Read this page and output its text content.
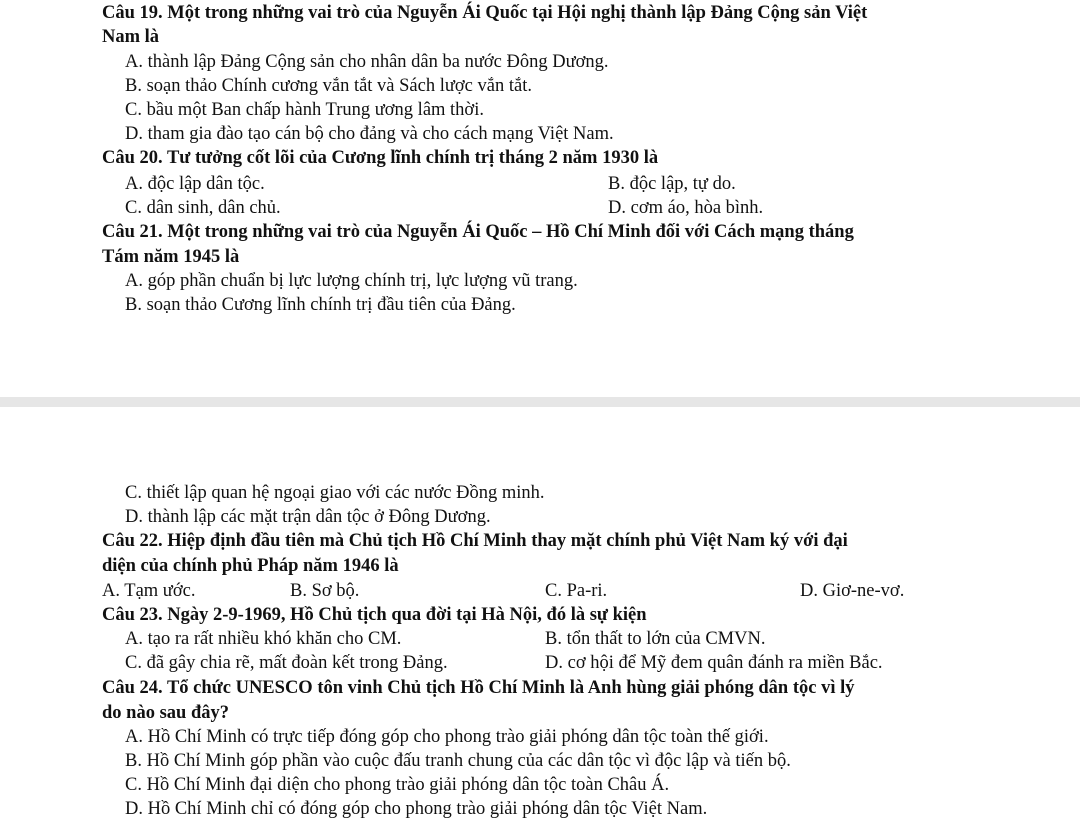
Câu 19. Một trong những vai trò của Nguyễn Ái Quốc tại Hội nghị thành lập Đảng Cộng sản Việt
Nam là
A. thành lập Đảng Cộng sản cho nhân dân ba nước Đông Dương.
B. soạn thảo Chính cương vắn tắt và Sách lược vắn tắt.
C. bầu một Ban chấp hành Trung ương lâm thời.
D. tham gia đào tạo cán bộ cho đảng và cho cách mạng Việt Nam.
Câu 20. Tư tưởng cốt lõi của Cương lĩnh chính trị tháng 2 năm 1930 là
A. độc lập dân tộc.	B. độc lập, tự do.
C. dân sinh, dân chủ.	D. cơm áo, hòa bình.
Câu 21. Một trong những vai trò của Nguyễn Ái Quốc – Hồ Chí Minh đối với Cách mạng tháng
Tám năm 1945 là
A. góp phần chuẩn bị lực lượng chính trị, lực lượng vũ trang.
B. soạn thảo Cương lĩnh chính trị đầu tiên của Đảng.
C. thiết lập quan hệ ngoại giao với các nước Đồng minh.
D. thành lập các mặt trận dân tộc ở Đông Dương.
Câu 22. Hiệp định đầu tiên mà Chủ tịch Hồ Chí Minh thay mặt chính phủ Việt Nam ký với đại
diện của chính phủ Pháp năm 1946 là
A. Tạm ước.	B. Sơ bộ.	C. Pa-ri.	D. Giơ-ne-vơ.
Câu 23. Ngày 2-9-1969, Hồ Chủ tịch qua đời tại Hà Nội, đó là sự kiện
A. tạo ra rất nhiều khó khăn cho CM.	B. tổn thất to lớn của CMVN.
C. đã gây chia rẽ, mất đoàn kết trong Đảng.	D. cơ hội để Mỹ đem quân đánh ra miền Bắc.
Câu 24. Tổ chức UNESCO tôn vinh Chủ tịch Hồ Chí Minh là Anh hùng giải phóng dân tộc vì lý
do nào sau đây?
A. Hồ Chí Minh có trực tiếp đóng góp cho phong trào giải phóng dân tộc toàn thế giới.
B. Hồ Chí Minh góp phần vào cuộc đấu tranh chung của các dân tộc vì độc lập và tiến bộ.
C. Hồ Chí Minh đại diện cho phong trào giải phóng dân tộc toàn Châu Á.
D. Hồ Chí Minh chỉ có đóng góp cho phong trào giải phóng dân tộc Việt Nam.
